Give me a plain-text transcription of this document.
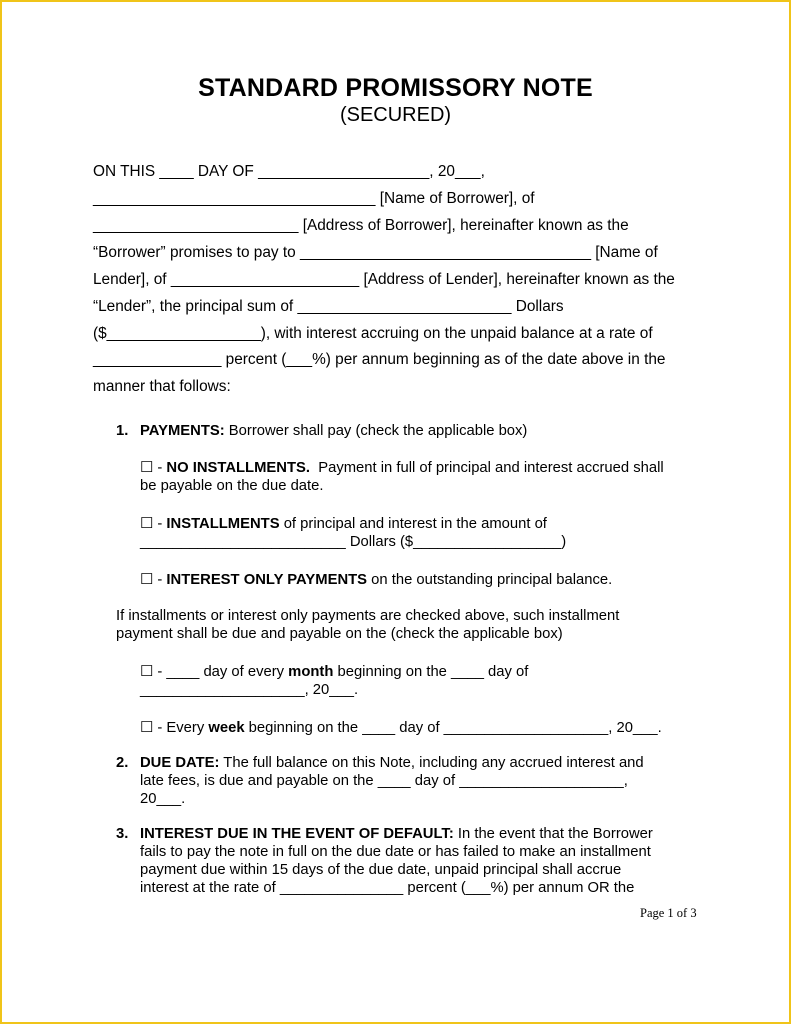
STANDARD PROMISSORY NOTE
(SECURED)
ON THIS ____ DAY OF ____________________, 20___,
_________________________________ [Name of Borrower], of
________________________ [Address of Borrower], hereinafter known as the
“Borrower” promises to pay to __________________________________ [Name of
Lender], of ______________________ [Address of Lender], hereinafter known as the
“Lender”, the principal sum of _________________________ Dollars
($__________________), with interest accruing on the unpaid balance at a rate of
_______________ percent (___%) per annum beginning as of the date above in the
manner that follows:
1. PAYMENTS: Borrower shall pay (check the applicable box)
☐ - NO INSTALLMENTS.  Payment in full of principal and interest accrued shall
be payable on the due date.
☐ - INSTALLMENTS of principal and interest in the amount of
_________________________ Dollars ($__________________)
☐ - INTEREST ONLY PAYMENTS on the outstanding principal balance.
If installments or interest only payments are checked above, such installment
payment shall be due and payable on the (check the applicable box)
☐ - ____ day of every month beginning on the ____ day of
____________________, 20___.
☐ - Every week beginning on the ____ day of ____________________, 20___.
2. DUE DATE: The full balance on this Note, including any accrued interest and
late fees, is due and payable on the ____ day of ____________________,
20___.
3. INTEREST DUE IN THE EVENT OF DEFAULT: In the event that the Borrower
fails to pay the note in full on the due date or has failed to make an installment
payment due within 15 days of the due date, unpaid principal shall accrue
interest at the rate of _______________ percent (___%) per annum OR the
Page 1 of 3
